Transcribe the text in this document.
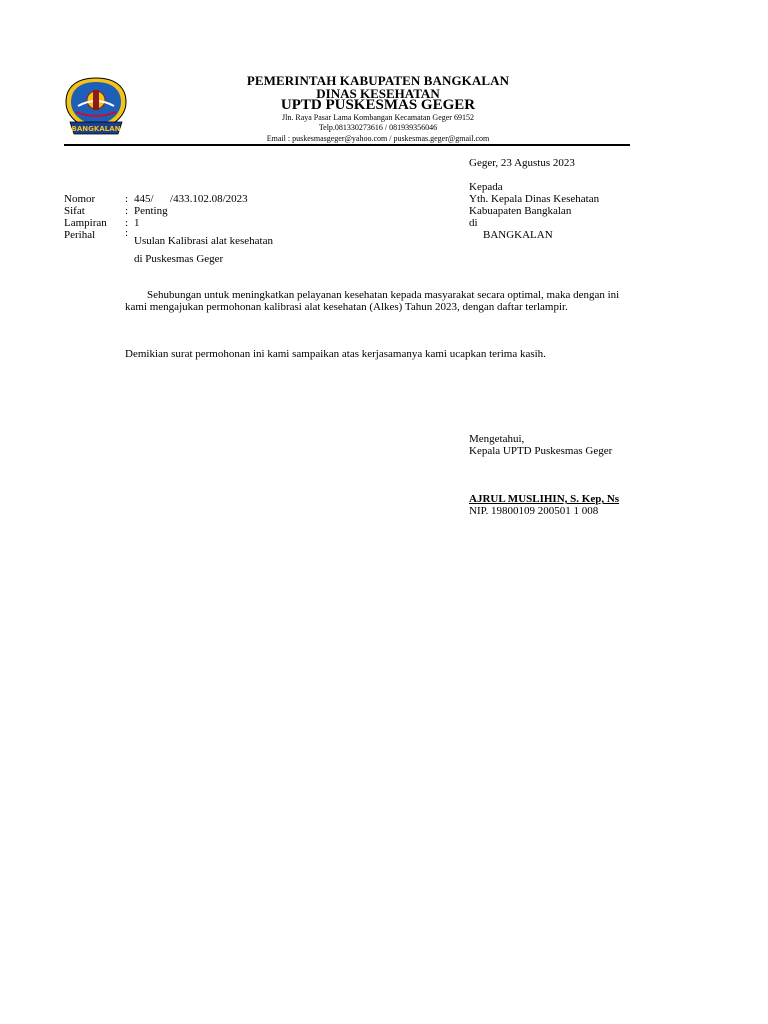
BANGKALAN
PEMERINTAH KABUPATEN BANGKALAN
DINAS KESEHATAN
UPTD PUSKESMAS GEGER
Jln. Raya Pasar Lama Kombangan Kecamatan Geger 69152
Telp.081330273616 / 081939356046
Email : puskesmasgeger@yahoo.com / puskesmas.geger@gmail.com
Geger, 23 Agustus 2023
Kepada
Yth. Kepala Dinas Kesehatan
Kabuapaten Bangkalan
di
BANGKALAN
Nomor	: 445/      /433.102.08/2023
Sifat	: Penting
Lampiran : 1
Perihal	:
Usulan Kalibrasi alat kesehatan
di Puskesmas Geger
Sehubungan untuk meningkatkan pelayanan kesehatan kepada masyarakat secara optimal, maka dengan ini kami mengajukan permohonan kalibrasi alat kesehatan (Alkes) Tahun 2023, dengan daftar terlampir.
Demikian surat permohonan ini kami sampaikan atas kerjasamanya kami ucapkan terima kasih.
Mengetahui,
Kepala UPTD Puskesmas Geger
AJRUL MUSLIHIN, S. Kep, Ns
NIP. 19800109 200501 1 008
